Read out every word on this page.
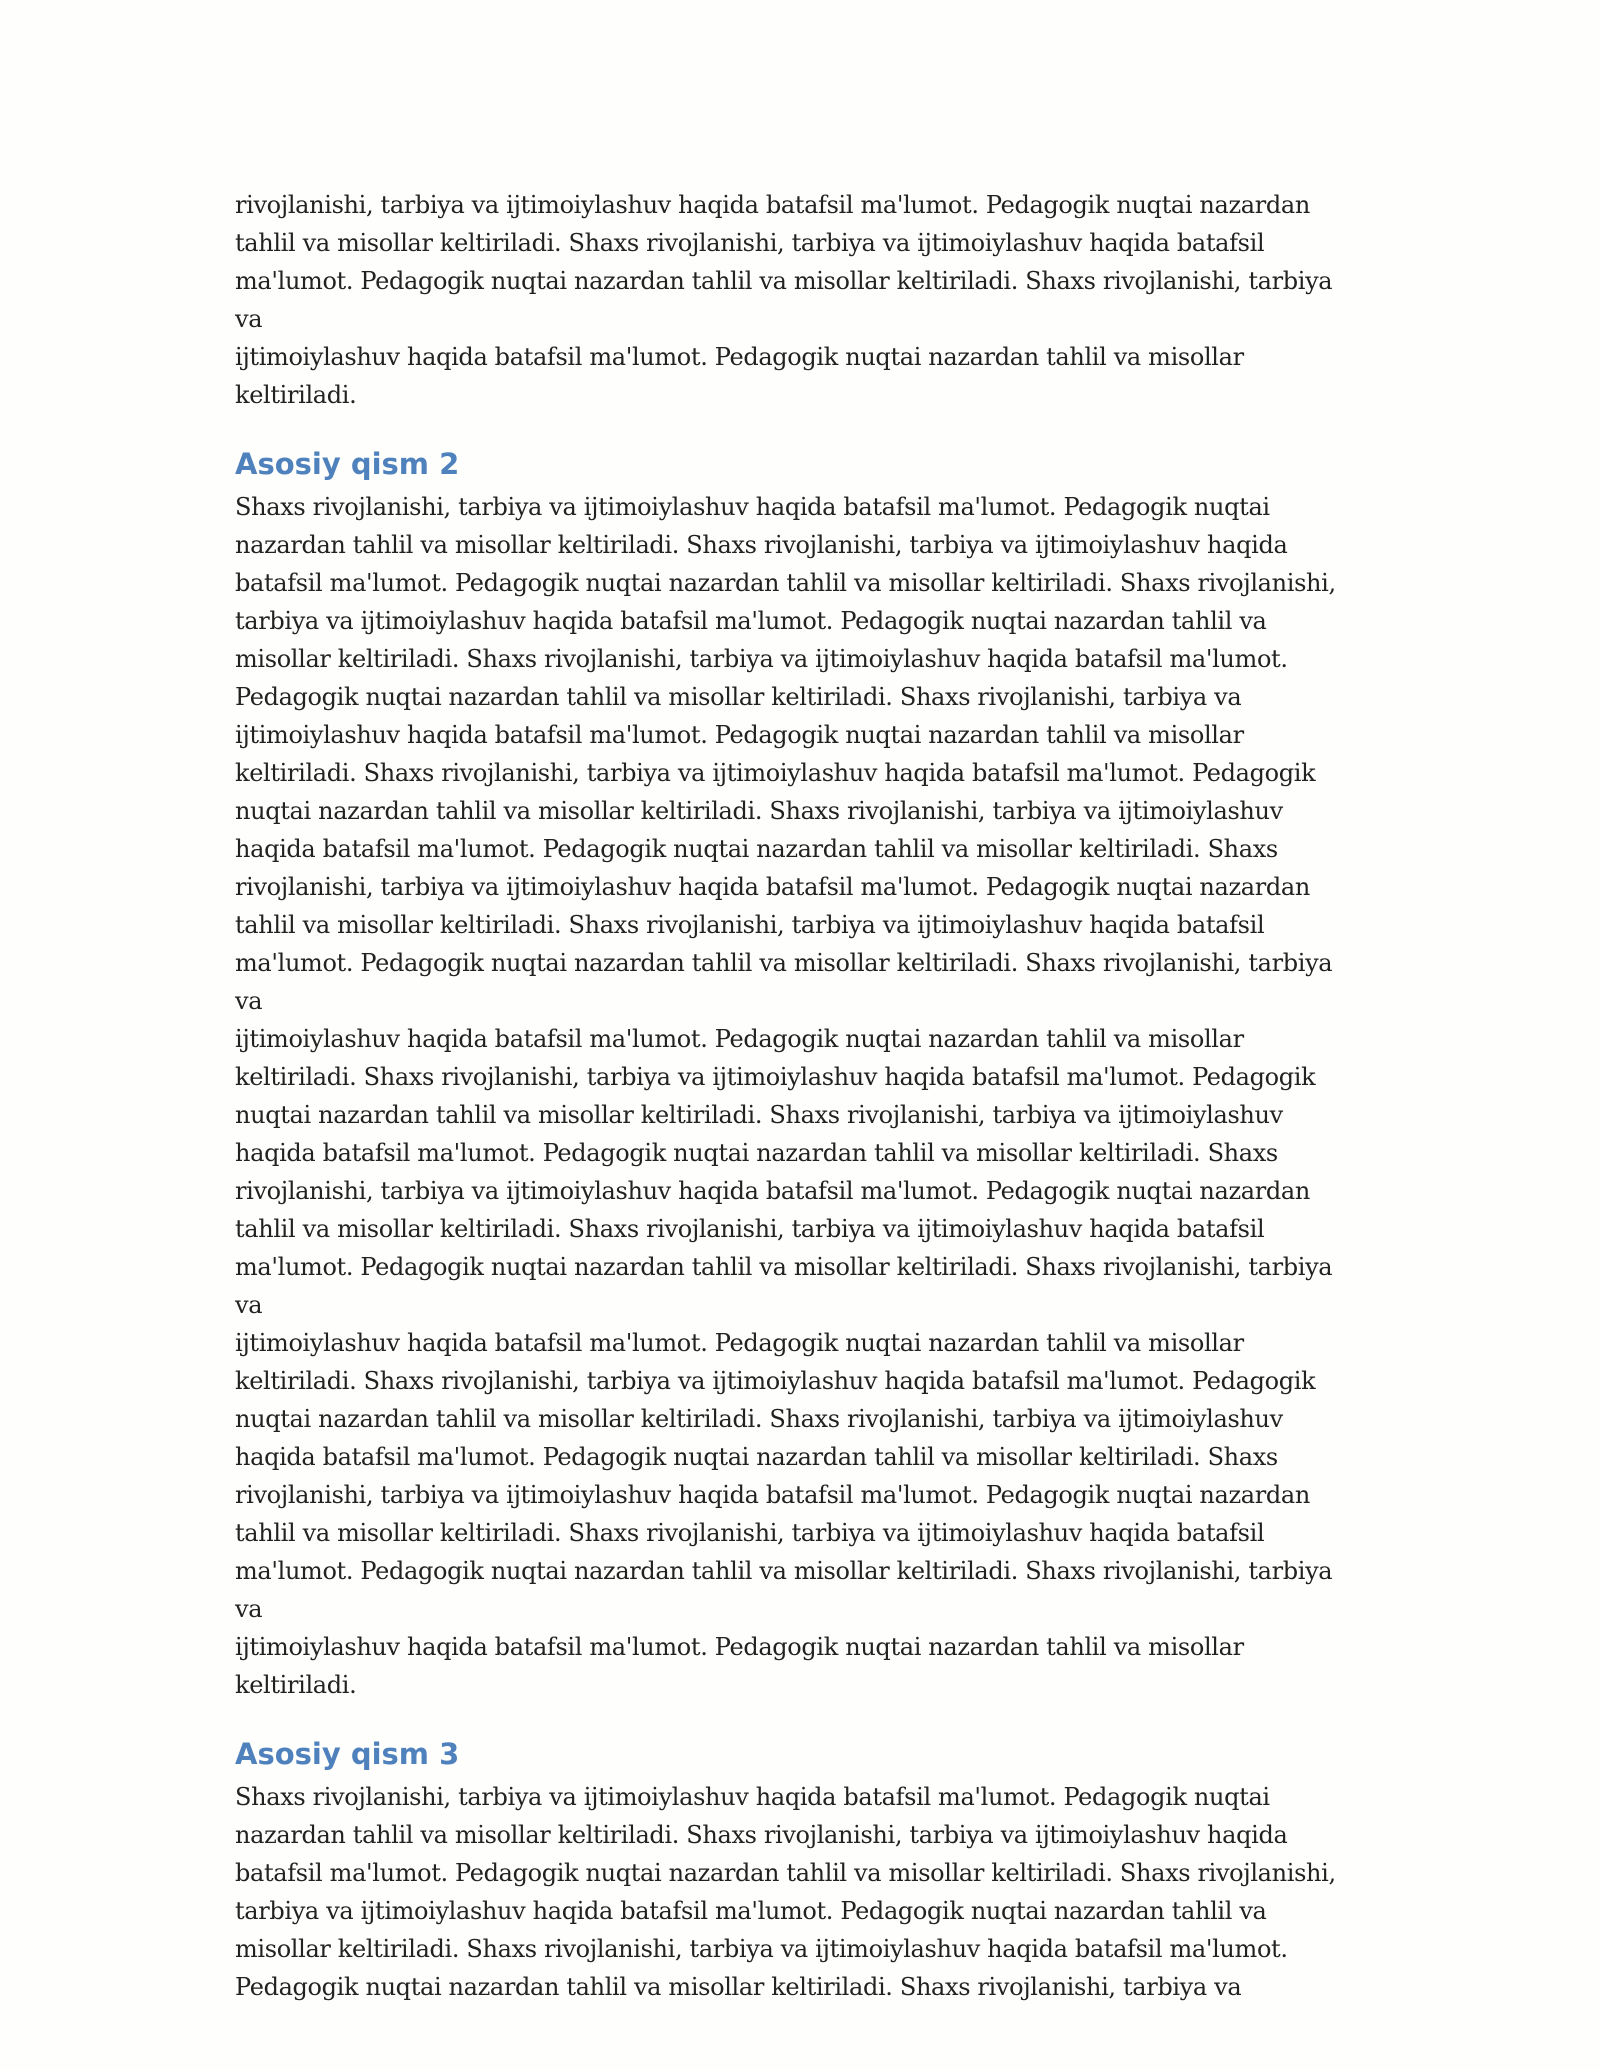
rivojlanishi, tarbiya va ijtimoiylashuv haqida batafsil ma'lumot. Pedagogik nuqtai nazardan
tahlil va misollar keltiriladi. Shaxs rivojlanishi, tarbiya va ijtimoiylashuv haqida batafsil
ma'lumot. Pedagogik nuqtai nazardan tahlil va misollar keltiriladi. Shaxs rivojlanishi, tarbiya va
ijtimoiylashuv haqida batafsil ma'lumot. Pedagogik nuqtai nazardan tahlil va misollar
keltiriladi.

Asosiy qism 2

Shaxs rivojlanishi, tarbiya va ijtimoiylashuv haqida batafsil ma'lumot. Pedagogik nuqtai
nazardan tahlil va misollar keltiriladi. Shaxs rivojlanishi, tarbiya va ijtimoiylashuv haqida
batafsil ma'lumot. Pedagogik nuqtai nazardan tahlil va misollar keltiriladi. Shaxs rivojlanishi,
tarbiya va ijtimoiylashuv haqida batafsil ma'lumot. Pedagogik nuqtai nazardan tahlil va
misollar keltiriladi. Shaxs rivojlanishi, tarbiya va ijtimoiylashuv haqida batafsil ma'lumot.
Pedagogik nuqtai nazardan tahlil va misollar keltiriladi. Shaxs rivojlanishi, tarbiya va
ijtimoiylashuv haqida batafsil ma'lumot. Pedagogik nuqtai nazardan tahlil va misollar
keltiriladi. Shaxs rivojlanishi, tarbiya va ijtimoiylashuv haqida batafsil ma'lumot. Pedagogik
nuqtai nazardan tahlil va misollar keltiriladi. Shaxs rivojlanishi, tarbiya va ijtimoiylashuv
haqida batafsil ma'lumot. Pedagogik nuqtai nazardan tahlil va misollar keltiriladi. Shaxs
rivojlanishi, tarbiya va ijtimoiylashuv haqida batafsil ma'lumot. Pedagogik nuqtai nazardan
tahlil va misollar keltiriladi. Shaxs rivojlanishi, tarbiya va ijtimoiylashuv haqida batafsil
ma'lumot. Pedagogik nuqtai nazardan tahlil va misollar keltiriladi. Shaxs rivojlanishi, tarbiya va
ijtimoiylashuv haqida batafsil ma'lumot. Pedagogik nuqtai nazardan tahlil va misollar
keltiriladi. Shaxs rivojlanishi, tarbiya va ijtimoiylashuv haqida batafsil ma'lumot. Pedagogik
nuqtai nazardan tahlil va misollar keltiriladi. Shaxs rivojlanishi, tarbiya va ijtimoiylashuv
haqida batafsil ma'lumot. Pedagogik nuqtai nazardan tahlil va misollar keltiriladi. Shaxs
rivojlanishi, tarbiya va ijtimoiylashuv haqida batafsil ma'lumot. Pedagogik nuqtai nazardan
tahlil va misollar keltiriladi. Shaxs rivojlanishi, tarbiya va ijtimoiylashuv haqida batafsil
ma'lumot. Pedagogik nuqtai nazardan tahlil va misollar keltiriladi. Shaxs rivojlanishi, tarbiya va
ijtimoiylashuv haqida batafsil ma'lumot. Pedagogik nuqtai nazardan tahlil va misollar
keltiriladi. Shaxs rivojlanishi, tarbiya va ijtimoiylashuv haqida batafsil ma'lumot. Pedagogik
nuqtai nazardan tahlil va misollar keltiriladi. Shaxs rivojlanishi, tarbiya va ijtimoiylashuv
haqida batafsil ma'lumot. Pedagogik nuqtai nazardan tahlil va misollar keltiriladi. Shaxs
rivojlanishi, tarbiya va ijtimoiylashuv haqida batafsil ma'lumot. Pedagogik nuqtai nazardan
tahlil va misollar keltiriladi. Shaxs rivojlanishi, tarbiya va ijtimoiylashuv haqida batafsil
ma'lumot. Pedagogik nuqtai nazardan tahlil va misollar keltiriladi. Shaxs rivojlanishi, tarbiya va
ijtimoiylashuv haqida batafsil ma'lumot. Pedagogik nuqtai nazardan tahlil va misollar
keltiriladi.

Asosiy qism 3

Shaxs rivojlanishi, tarbiya va ijtimoiylashuv haqida batafsil ma'lumot. Pedagogik nuqtai
nazardan tahlil va misollar keltiriladi. Shaxs rivojlanishi, tarbiya va ijtimoiylashuv haqida
batafsil ma'lumot. Pedagogik nuqtai nazardan tahlil va misollar keltiriladi. Shaxs rivojlanishi,
tarbiya va ijtimoiylashuv haqida batafsil ma'lumot. Pedagogik nuqtai nazardan tahlil va
misollar keltiriladi. Shaxs rivojlanishi, tarbiya va ijtimoiylashuv haqida batafsil ma'lumot.
Pedagogik nuqtai nazardan tahlil va misollar keltiriladi. Shaxs rivojlanishi, tarbiya va
